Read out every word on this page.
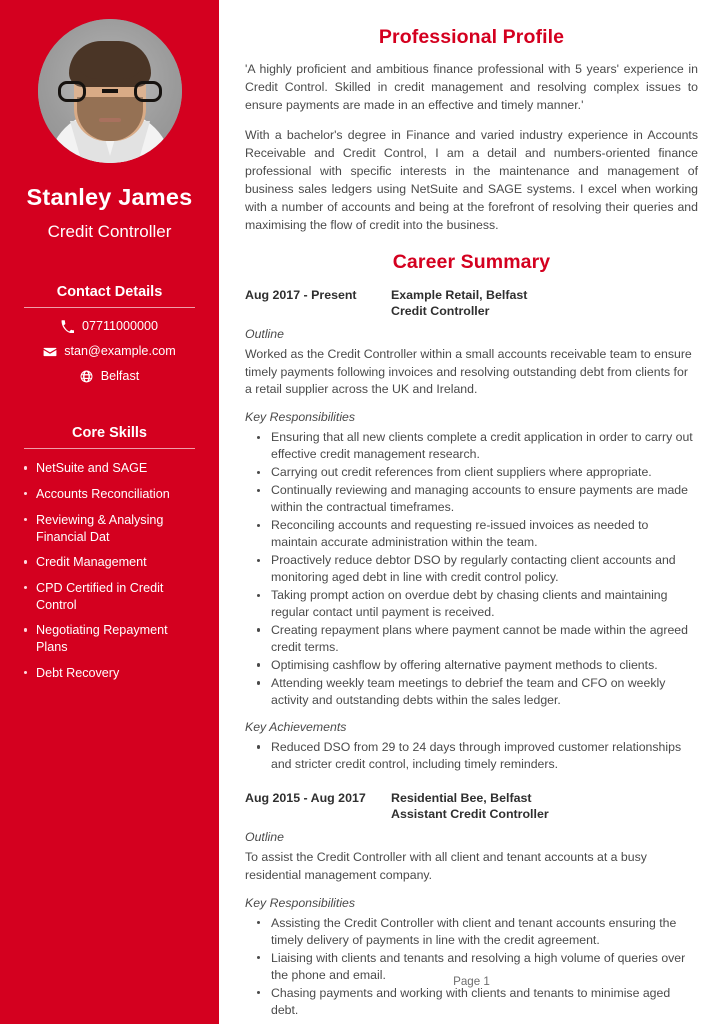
Stanley James
Credit Controller
Contact Details
07711000000
stan@example.com
Belfast
Core Skills
NetSuite and SAGE
Accounts Reconciliation
Reviewing & Analysing Financial Dat
Credit Management
CPD Certified in Credit Control
Negotiating Repayment Plans
Debt Recovery
Professional Profile

'A highly proficient and ambitious finance professional with 5 years' experience in Credit Control. Skilled in credit management and resolving complex issues to ensure payments are made in an effective and timely manner.'

With a bachelor's degree in Finance and varied industry experience in Accounts Receivable and Credit Control, I am a detail and numbers-oriented finance professional with specific interests in the maintenance and management of business sales ledgers using NetSuite and SAGE systems. I excel when working with a number of accounts and being at the forefront of resolving their queries and maximising the flow of credit into the business.

Career Summary
Aug 2017 - Present	Example Retail, Belfast
Credit Controller
Outline

Worked as the Credit Controller within a small accounts receivable team to ensure timely payments following invoices and resolving outstanding debt from clients for a retail supplier across the UK and Ireland.

Key Responsibilities
Ensuring that all new clients complete a credit application in order to carry out effective credit management research.
Carrying out credit references from client suppliers where appropriate.
Continually reviewing and managing accounts to ensure payments are made within the contractual timeframes.
Reconciling accounts and requesting re-issued invoices as needed to maintain accurate administration within the team.
Proactively reduce debtor DSO by regularly contacting client accounts and monitoring aged debt in line with credit control policy.
Taking prompt action on overdue debt by chasing clients and maintaining regular contact until payment is received.
Creating repayment plans where payment cannot be made within the agreed credit terms.
Optimising cashflow by offering alternative payment methods to clients.
Attending weekly team meetings to debrief the team and CFO on weekly activity and outstanding debts within the sales ledger.
Key Achievements
Reduced DSO from 29 to 24 days through improved customer relationships and stricter credit control, including timely reminders.
Aug 2015 - Aug 2017	Residential Bee, Belfast
Assistant Credit Controller
Outline

To assist the Credit Controller with all client and tenant accounts at a busy residential management company.

Key Responsibilities
Assisting the Credit Controller with client and tenant accounts ensuring the timely delivery of payments in line with the credit agreement.
Liaising with clients and tenants and resolving a high volume of queries over the phone and email.
Chasing payments and working with clients and tenants to minimise aged debt.
Page 1
